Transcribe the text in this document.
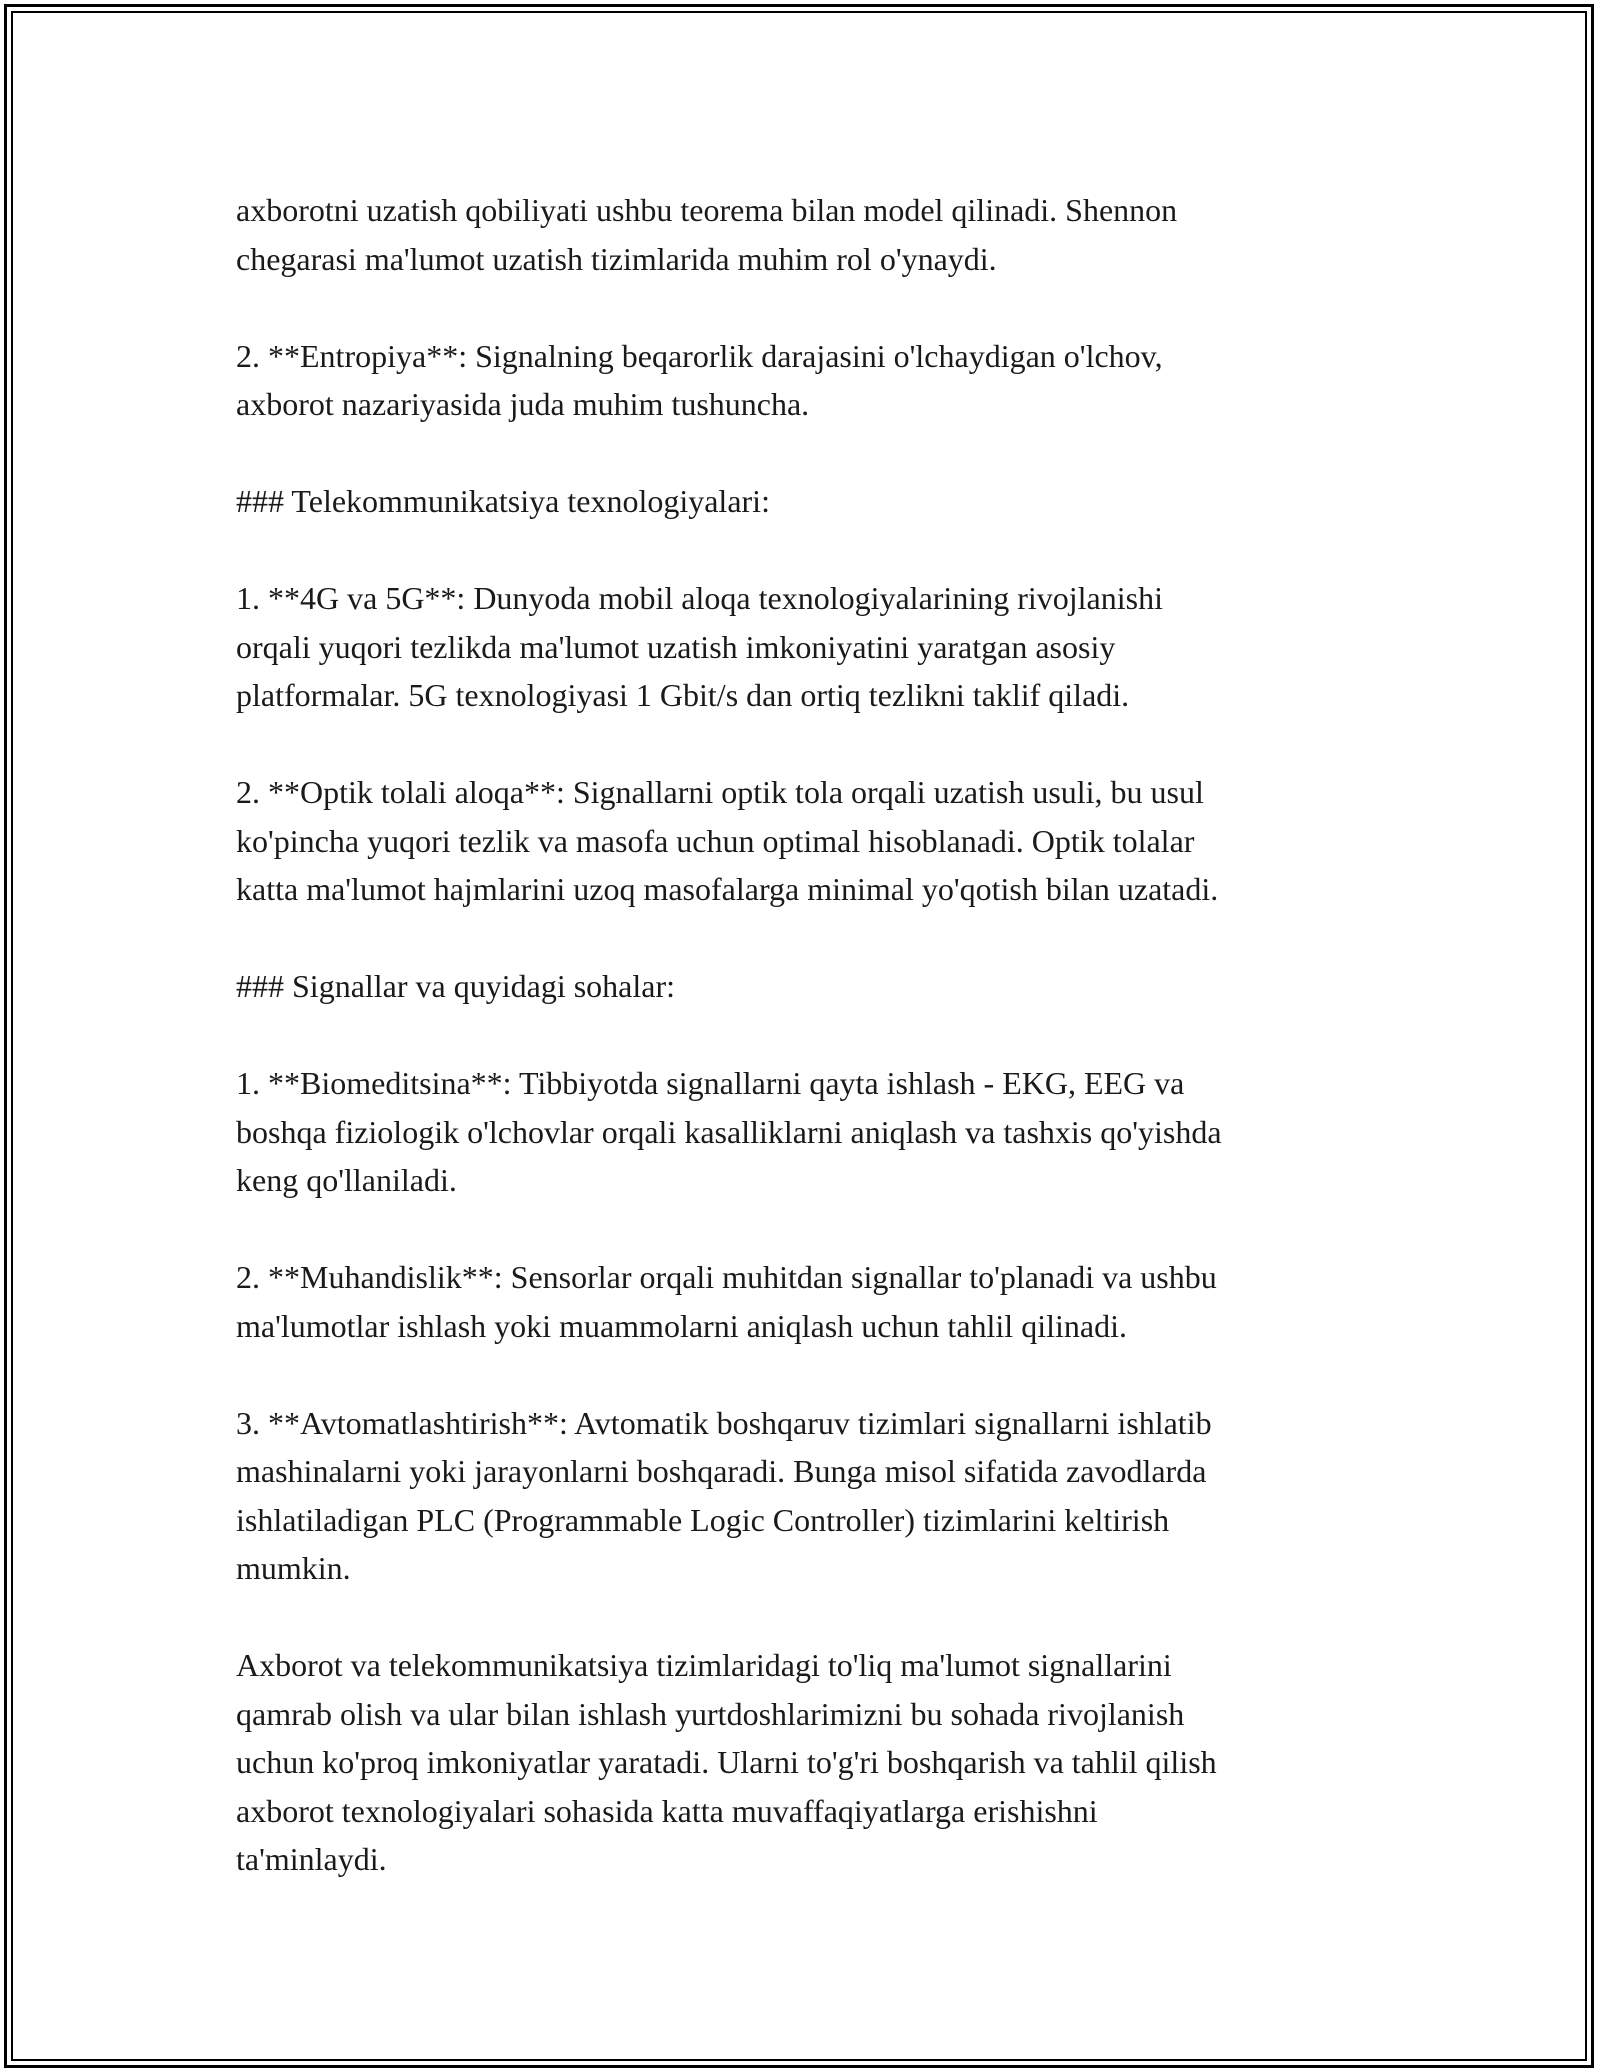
axborotni uzatish qobiliyati ushbu teorema bilan model qilinadi. Shennon
chegarasi ma'lumot uzatish tizimlarida muhim rol o'ynaydi.

2. **Entropiya**: Signalning beqarorlik darajasini o'lchaydigan o'lchov,
axborot nazariyasida juda muhim tushuncha.

### Telekommunikatsiya texnologiyalari:

1. **4G va 5G**: Dunyoda mobil aloqa texnologiyalarining rivojlanishi
orqali yuqori tezlikda ma'lumot uzatish imkoniyatini yaratgan asosiy
platformalar. 5G texnologiyasi 1 Gbit/s dan ortiq tezlikni taklif qiladi.

2. **Optik tolali aloqa**: Signallarni optik tola orqali uzatish usuli, bu usul
ko'pincha yuqori tezlik va masofa uchun optimal hisoblanadi. Optik tolalar
katta ma'lumot hajmlarini uzoq masofalarga minimal yo'qotish bilan uzatadi.

### Signallar va quyidagi sohalar:

1. **Biomeditsina**: Tibbiyotda signallarni qayta ishlash - EKG, EEG va
boshqa fiziologik o'lchovlar orqali kasalliklarni aniqlash va tashxis qo'yishda
keng qo'llaniladi.

2. **Muhandislik**: Sensorlar orqali muhitdan signallar to'planadi va ushbu
ma'lumotlar ishlash yoki muammolarni aniqlash uchun tahlil qilinadi.

3. **Avtomatlashtirish**: Avtomatik boshqaruv tizimlari signallarni ishlatib
mashinalarni yoki jarayonlarni boshqaradi. Bunga misol sifatida zavodlarda
ishlatiladigan PLC (Programmable Logic Controller) tizimlarini keltirish
mumkin.

Axborot va telekommunikatsiya tizimlaridagi to'liq ma'lumot signallarini
qamrab olish va ular bilan ishlash yurtdoshlarimizni bu sohada rivojlanish
uchun ko'proq imkoniyatlar yaratadi. Ularni to'g'ri boshqarish va tahlil qilish
axborot texnologiyalari sohasida katta muvaffaqiyatlarga erishishni
ta'minlaydi.
